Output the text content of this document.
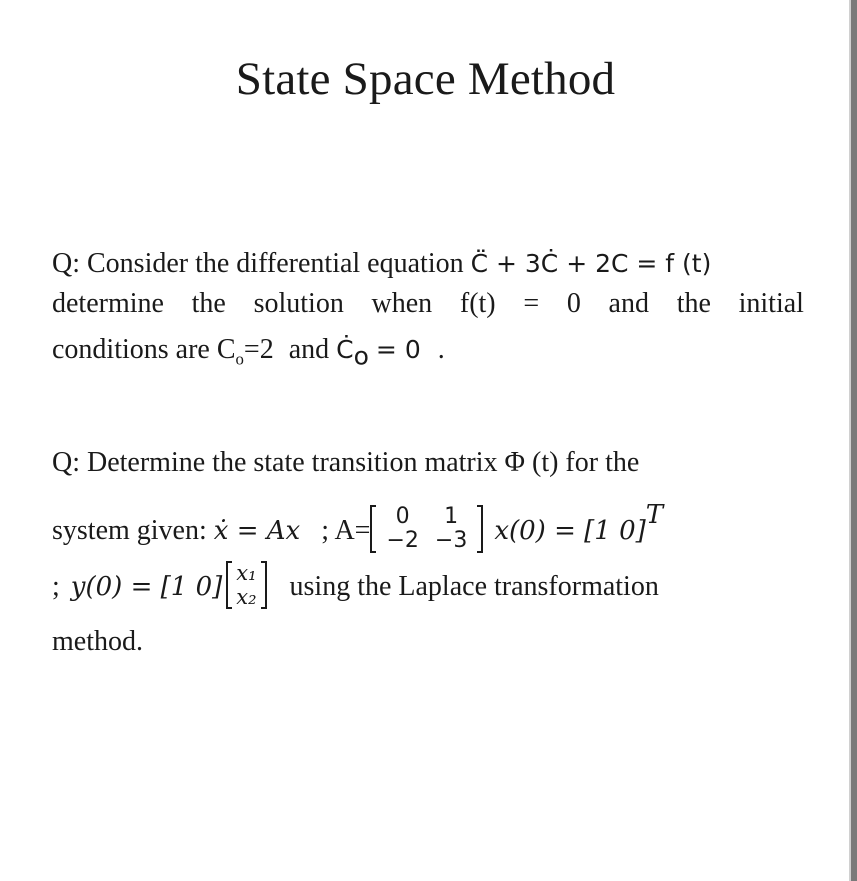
State Space Method
Q: Consider the differential equation C̈ + 3Ċ + 2C = f (t)
determine the solution when f(t) = 0 and the initial
conditions are $C_o=2$ and $Ċ_o = 0$ .
Q: Determine the state transition matrix Φ (t) for the
system given: ẋ = Ax ; A= 0	1
−2	−3 x(0) = [1 0]$^T$
; y(0) = [1 0] x₁
x₂ using the Laplace transformation
method.
